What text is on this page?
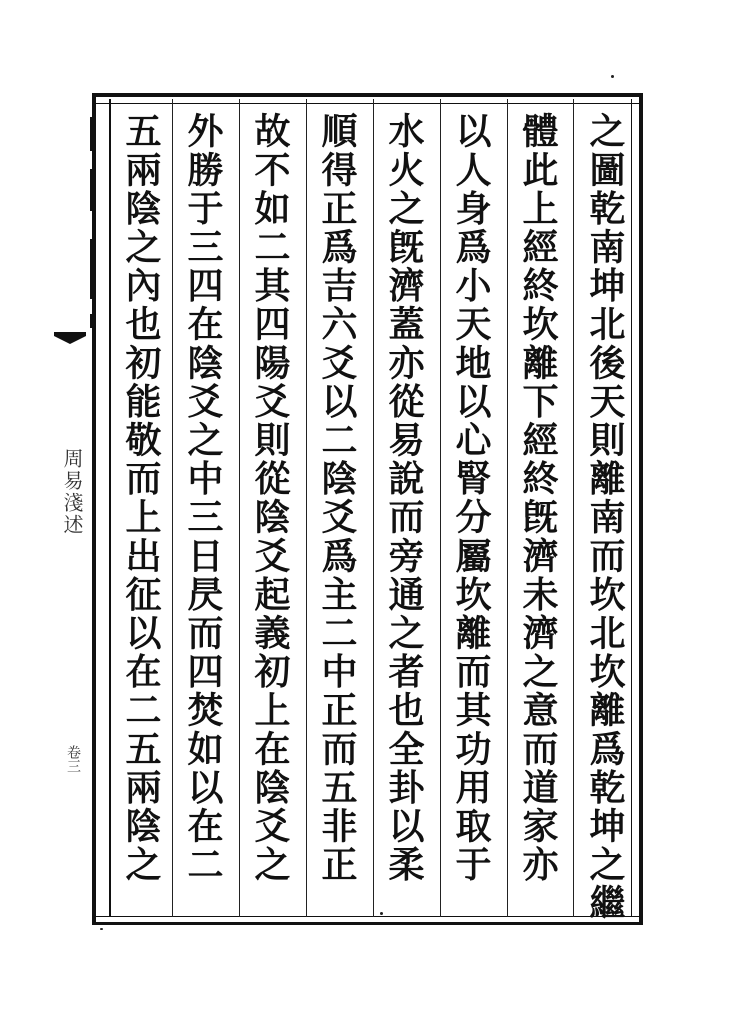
之圖乾南坤北後天則離南而坎北坎離爲乾坤之繼
體此上經終坎離下經終旣濟未濟之意而道家亦
以人身爲小天地以心腎分屬坎離而其功用取于
水火之旣濟蓋亦從易說而旁通之者也全卦以柔
順得正爲吉六爻以二陰爻爲主二中正而五非正
故不如二其四陽爻則從陰爻起義初上在陰爻之
外勝于三四在陰爻之中三日昃而四焚如以在二
五兩陰之內也初能敬而上出征以在二五兩陰之
周易淺述
卷三
